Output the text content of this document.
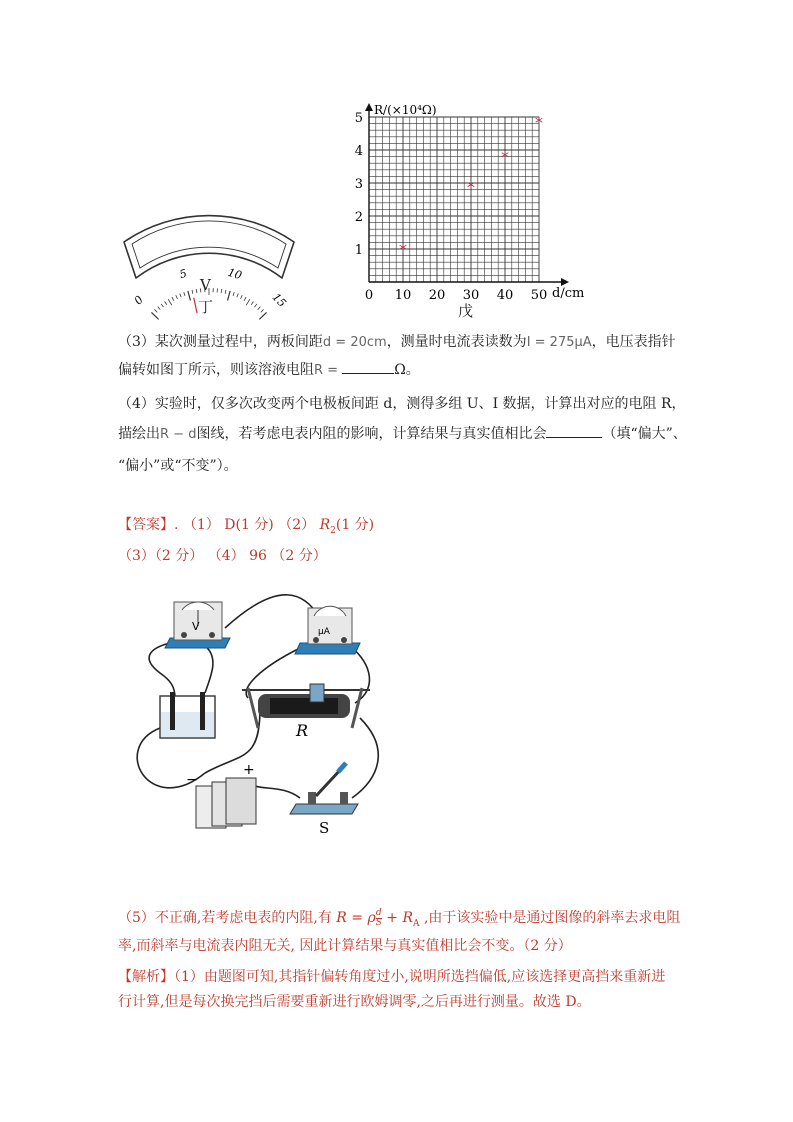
0
5	10
15
V
丁
0 10 20 30 40 50
1
2
3
4
5
*
*
*
*
R/(×10⁴Ω)
d/cm
戊
（3）某次测量过程中，两板间距d = 20cm，测量时电流表读数为I = 275μA，电压表指针
偏转如图丁所示，则该溶液电阻R =	Ω。
（4）实验时，仅多次改变两个电极板间距 d，测得多组 U、I 数据，计算出对应的电阻 R，
描绘出R − d图线，若考虑电表内阻的影响，计算结果与真实值相比会	（填“偏大”、
“偏小”或“不变”）。
【答案】. （1） D(1 分) （2） $R_2(1$ 分)
（3）（2 分） （4） 96 （2 分）
V	μA
R
−
+
S
（5）不正确,若考虑电表的内阻,有 R = ρ $\frac{d}{S} + R_A$ ,由于该实验中是通过图像的斜率去求电阻
率,而斜率与电流表内阻无关, 因此计算结果与真实值相比会不变。（2 分）
【解析】（1）由题图可知,其指针偏转角度过小,说明所选挡偏低,应该选择更高挡来重新进
行计算,但是每次换完挡后需要重新进行欧姆调零,之后再进行测量。故选 D。
